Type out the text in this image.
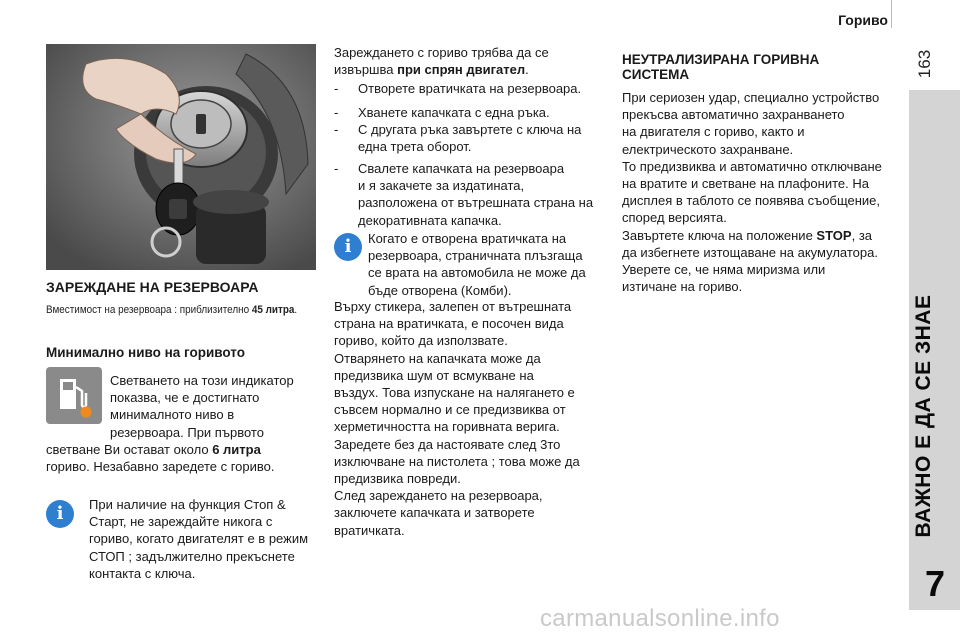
Гориво
163
ВАЖНО Е ДА СЕ ЗНАЕ
7
ЗАРЕЖДАНЕ НА РЕЗЕРВОАРА
Вместимост на резервоара : приблизително 45 литра.
Минимално ниво на горивото
Светването на този индикатор
показва, че е достигнато
минималното ниво в
резервоара. При първото
светване Ви остават около 6 литра
гориво. Незабавно заредете с гориво.
i	При наличие на функция Стоп &
Старт, не зареждайте никога с
гориво, когато двигателят е в режим
СТОП ; задължително прекъснете
контакта с ключа.
Зареждането с гориво трябва да се
извършва при спрян двигател.
- Отворете вратичката на резервоара.
- Хванете капачката с една ръка.
- С другата ръка завъртете с ключа на
една трета оборот.
- Свалете капачката на резервоара
и я закачете за издатината,
разположена от вътрешната страна на
декоративната капачка.
i	Когато е отворена вратичката на
резервоара, страничната плъзгаща
се врата на автомобила не може да
бъде отворена (Комби).
Върху стикера, залепен от вътрешната
страна на вратичката, е посочен вида
гориво, който да използвате.
Отварянето на капачката може да
предизвика шум от всмукване на
въздух. Това изпускане на налягането е
съвсем нормално и се предизвиква от
херметичността на горивната верига.
Заредете без да настоявате след 3то
изключване на пистолета ; това може да
предизвика повреди.
След зареждането на резервоара,
заключете капачката и затворете
вратичката.
НЕУТРАЛИЗИРАНА ГОРИВНА
СИСТЕМА
При сериозен удар, специално устройство
прекъсва автоматично захранването
на двигателя с гориво, както и
електрическото захранване.
То предизвиква и автоматично отключване
на вратите и светване на плафоните. На
дисплея в таблото се появява съобщение,
според версията.
Завъртете ключа на положение STOP, за
да избегнете изтощаване на акумулатора.
Уверете се, че няма миризма или
изтичане на гориво.
carmanualsonline.info
